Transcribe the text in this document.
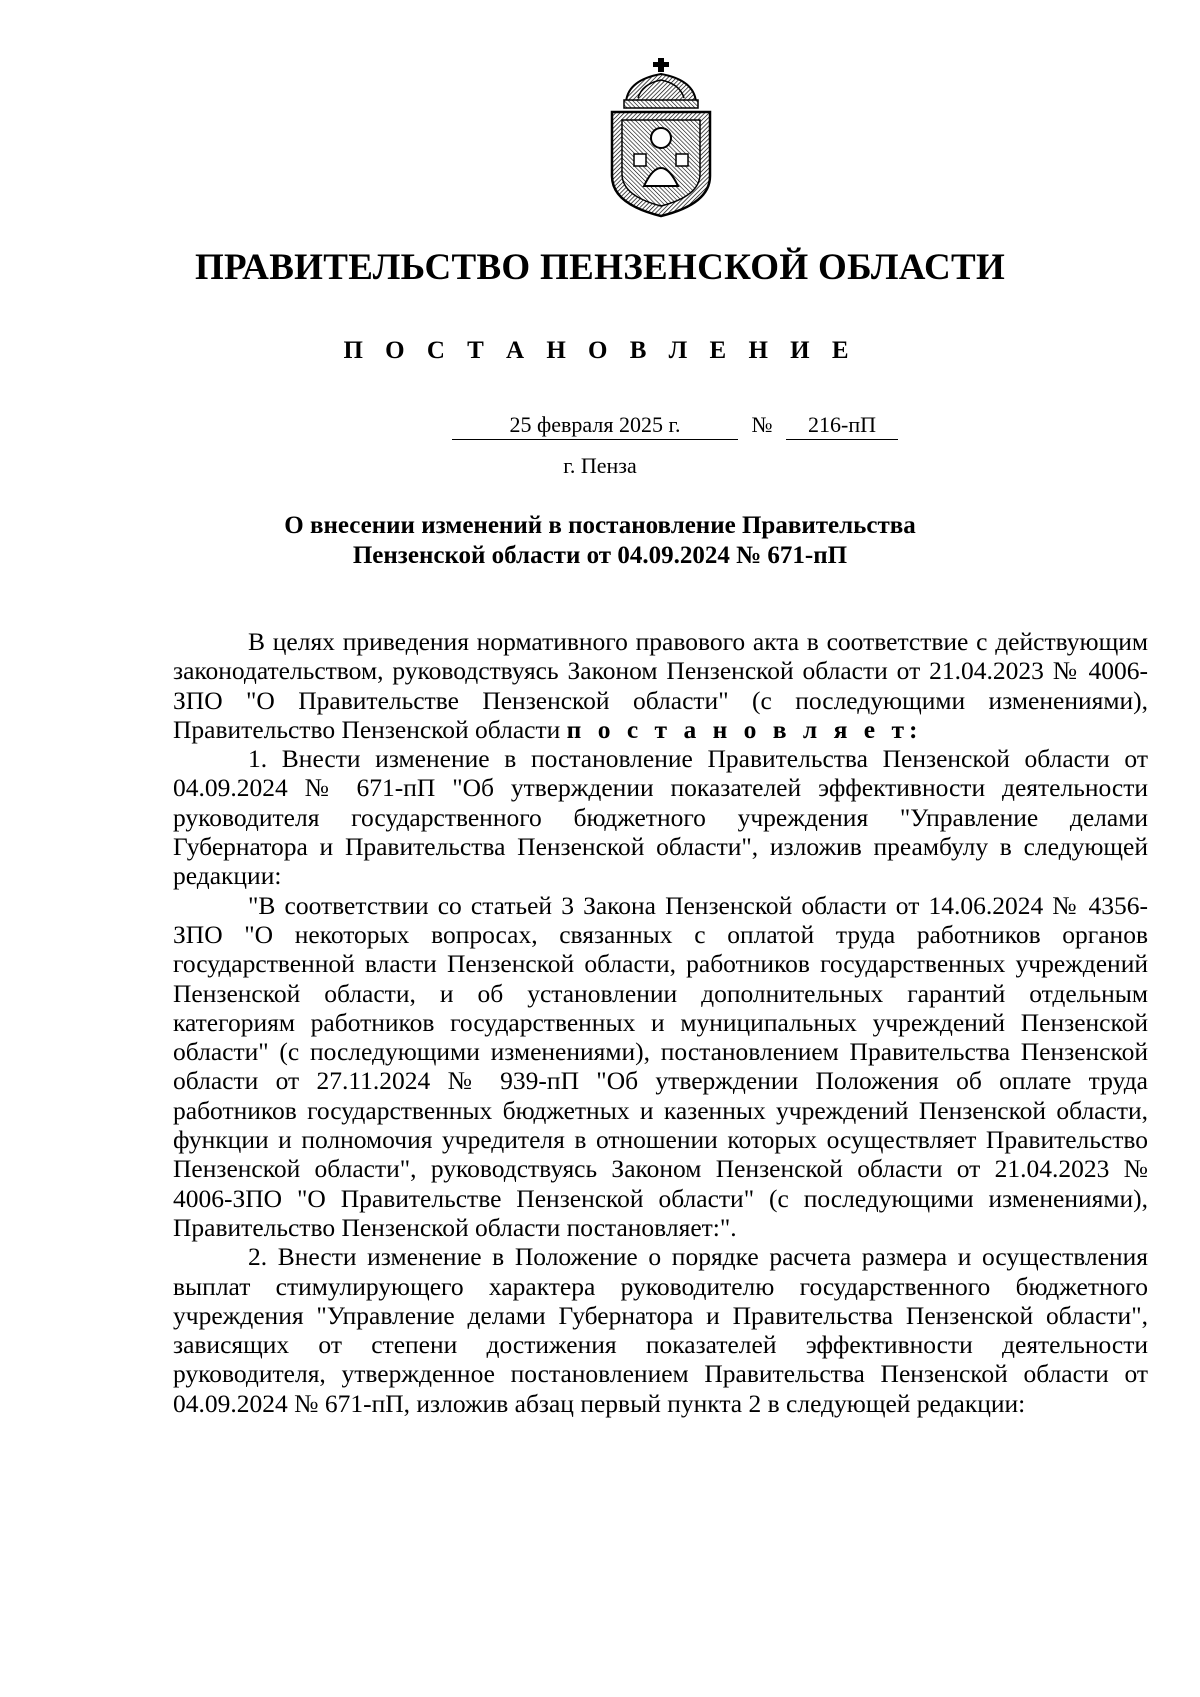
ПРАВИТЕЛЬСТВО ПЕНЗЕНСКОЙ ОБЛАСТИ
П О С Т А Н О В Л Е Н И Е
25 февраля 2025 г.	№ 216-пП
г. Пенза
О внесении изменений в постановление Правительства
Пензенской области от 04.09.2024 № 671-пП

В целях приведения нормативного правового акта в соответствие с действующим законодательством, руководствуясь Законом Пензенской области от 21.04.2023 № 4006-ЗПО "О Правительстве Пензенской области" (с последующими изменениями), Правительство Пензенской области п о с т а н о в л я е т:

1. Внести изменение в постановление Правительства Пензенской области от 04.09.2024 № 671-пП "Об утверждении показателей эффективности деятельности руководителя государственного бюджетного учреждения "Управление делами Губернатора и Правительства Пензенской области", изложив преамбулу в следующей редакции:

"В соответствии со статьей 3 Закона Пензенской области от 14.06.2024 № 4356-ЗПО "О некоторых вопросах, связанных с оплатой труда работников органов государственной власти Пензенской области, работников государственных учреждений Пензенской области, и об установлении дополнительных гарантий отдельным категориям работников государственных и муниципальных учреждений Пензенской области" (с последующими изменениями), постановлением Правительства Пензенской области от 27.11.2024 № 939-пП "Об утверждении Положения об оплате труда работников государственных бюджетных и казенных учреждений Пензенской области, функции и полномочия учредителя в отношении которых осуществляет Правительство Пензенской области", руководствуясь Законом Пензенской области от 21.04.2023 № 4006-ЗПО "О Правительстве Пензенской области" (с последующими изменениями), Правительство Пензенской области постановляет:".

2. Внести изменение в Положение о порядке расчета размера и осуществления выплат стимулирующего характера руководителю государственного бюджетного учреждения "Управление делами Губернатора и Правительства Пензенской области", зависящих от степени достижения показателей эффективности деятельности руководителя, утвержденное постановлением Правительства Пензенской области от 04.09.2024 № 671-пП, изложив абзац первый пункта 2 в следующей редакции:
